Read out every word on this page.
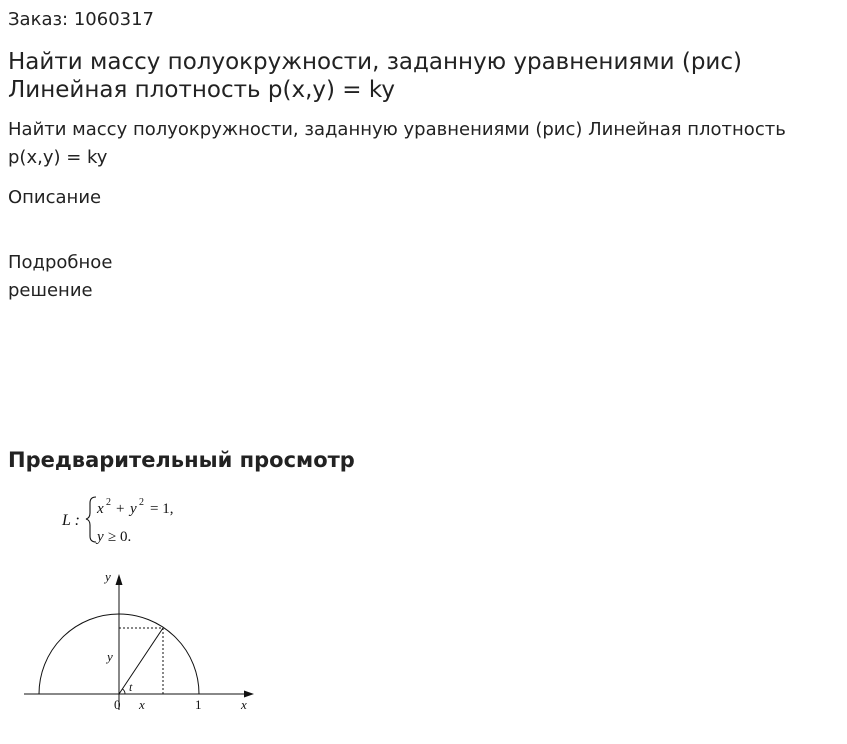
Заказ: 1060317
Найти массу полуокружности, заданную уравнениями (рис)
Линейная плотность p(x,y) = ky
Найти массу полуокружности, заданную уравнениями (рис) Линейная плотность p(x,y) = ky
Описание
Подробное
решение
Предварительный просмотр
L :
x 2 + y 2 = 1,
y ≥ 0.
y
x
0 x
y
1
t
